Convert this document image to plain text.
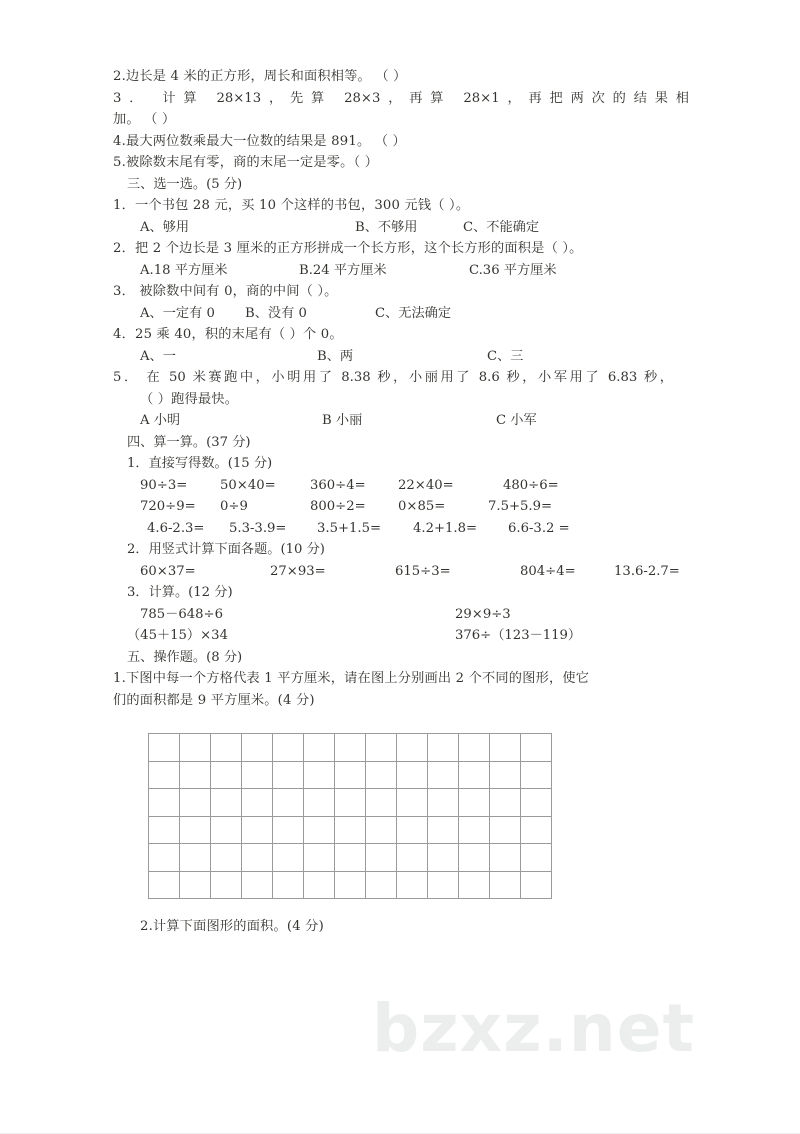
2.边长是 4 米的正方形，周长和面积相等。 （ ）
3． 计算 28×13，先算 28×3，再算 28×1，再把两次的结果相
加。 （ ）
4.最大两位数乘最大一位数的结果是 891。 （ ）
5.被除数末尾有零，商的末尾一定是零。（ ）
三、选一选。(5 分)
1．一个书包 28 元，买 10 个这样的书包，300 元钱（ ）。
A、够用	B、不够用	C、不能确定
2．把 2 个边长是 3 厘米的正方形拼成一个长方形，这个长方形的面积是（ ）。
A.18 平方厘米	B.24 平方厘米	C.36 平方厘米
3． 被除数中间有 0，商的中间（ ）。
A、一定有 0	B、没有 0	C、无法确定
4．25 乘 40，积的末尾有（ ）个 0。
A、一	B、两	C、三
5． 在 50 米赛跑中，小明用了 8.38 秒，小丽用了 8.6 秒，小军用了 6.83 秒，
（ ）跑得最快。
A 小明	B 小丽	C 小军
四、算一算。(37 分)
1．直接写得数。(15 分)
90÷3=	50×40=	360÷4=	22×40=	480÷6=
720÷9=	0÷9	800÷2=	0×85=	7.5+5.9=
4.6-2.3=	5.3-3.9=	3.5+1.5=	4.2+1.8=	6.6-3.2 =
2．用竖式计算下面各题。(10 分)
60×37=	27×93=	615÷3=	804÷4=	13.6-2.7=
3．计算。(12 分)
785－648÷6	29×9÷3
（45＋15）×34	376÷（123－119）
五、操作题。(8 分)
1.下图中每一个方格代表 1 平方厘米，请在图上分别画出 2 个不同的图形，使它
们的面积都是 9 平方厘米。(4 分)

2.计算下面图形的面积。(4 分)
bzxz.net
